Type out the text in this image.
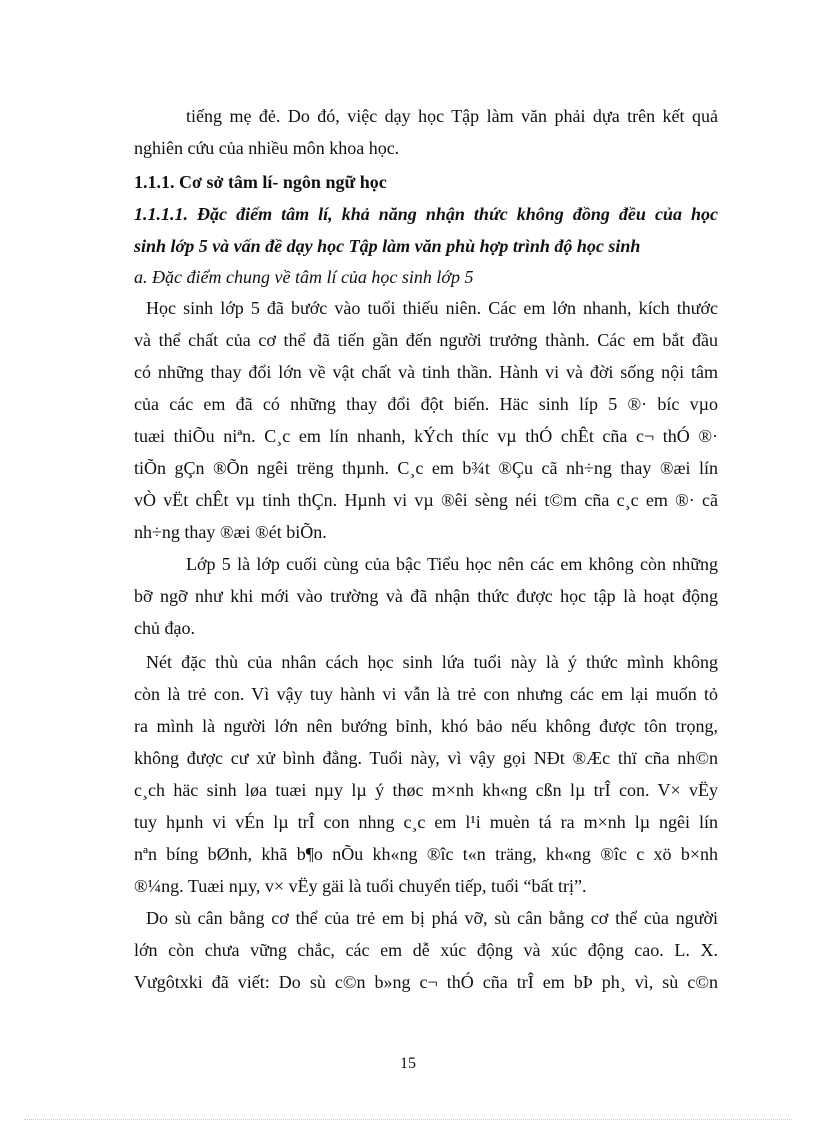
tiếng mẹ đẻ. Do đó, việc dạy học Tập làm văn phải dựa trên kết quả
nghiên cứu của nhiều môn khoa học.
1.1.1. Cơ sở tâm lí- ngôn ngữ học
1.1.1.1. Đặc điểm tâm lí, khả năng nhận thức không đồng đều của học
sinh lớp 5 và vấn đề dạy học Tập làm văn phù hợp trình độ học sinh
a. Đặc điểm chung về tâm lí của học sinh lớp 5
Học sinh lớp 5 đã bước vào tuổi thiếu niên. Các em lớn nhanh, kích thước
và thể chất của cơ thể đã tiến gần đến người trưởng thành. Các em bắt đầu
có những thay đổi lớn về vật chất và tinh thần. Hành vi và đời sống nội tâm
của các em đã có những thay đổi đột biến. Häc sinh líp 5 ®· bíc vµo
tuæi thiÕu niªn. C¸c em lín nhanh, kÝch thíc vµ thÓ chÊt cña c¬ thÓ ®·
tiÕn gÇn ®Õn ngêi trëng thµnh. C¸c em b¾t ®Çu cã nh÷ng thay ®æi lín
vÒ vËt chÊt vµ tinh thÇn. Hµnh vi vµ ®êi sèng néi t©m cña c¸c em ®· cã
nh÷ng thay ®æi ®ét biÕn.
Lớp 5 là lớp cuối cùng của bậc Tiểu học nên các em không còn những
bỡ ngỡ như khi mới vào trường và đã nhận thức được học tập là hoạt động
chủ đạo.
Nét đặc thù của nhân cách học sinh lứa tuổi này là ý thức mình không
còn là trẻ con. Vì vậy tuy hành vi vẫn là trẻ con nhưng các em lại muốn tỏ
ra mình là người lớn nên bướng bỉnh, khó bảo nếu không được tôn trọng,
không được cư xử bình đẳng. Tuổi này, vì vậy gọi NÐt ®Æc thï cña nh©n
c¸ch häc sinh løa tuæi nµy lµ ý thøc m×nh kh«ng cßn lµ trÎ con. V× vËy
tuy hµnh vi vÉn lµ trÎ con nhng c¸c em l¹i muèn tá ra m×nh lµ ngêi lín
nªn bíng bØnh, khã b¶o nÕu kh«ng ®îc t«n träng, kh«ng ®îc c xö b×nh
®¼ng. Tuæi nµy, v× vËy gäi là tuổi chuyển tiếp, tuổi “bất trị”.
Do sù cân bằng cơ thể của trẻ em bị phá vỡ, sù cân bằng cơ thể của người
lớn còn chưa vững chắc, các em dễ xúc động và xúc động cao. L. X.
Vưgôtxki đã viết: Do sù c©n b»ng c¬ thÓ cña trÎ em bÞ ph¸ vì, sù c©n
15
